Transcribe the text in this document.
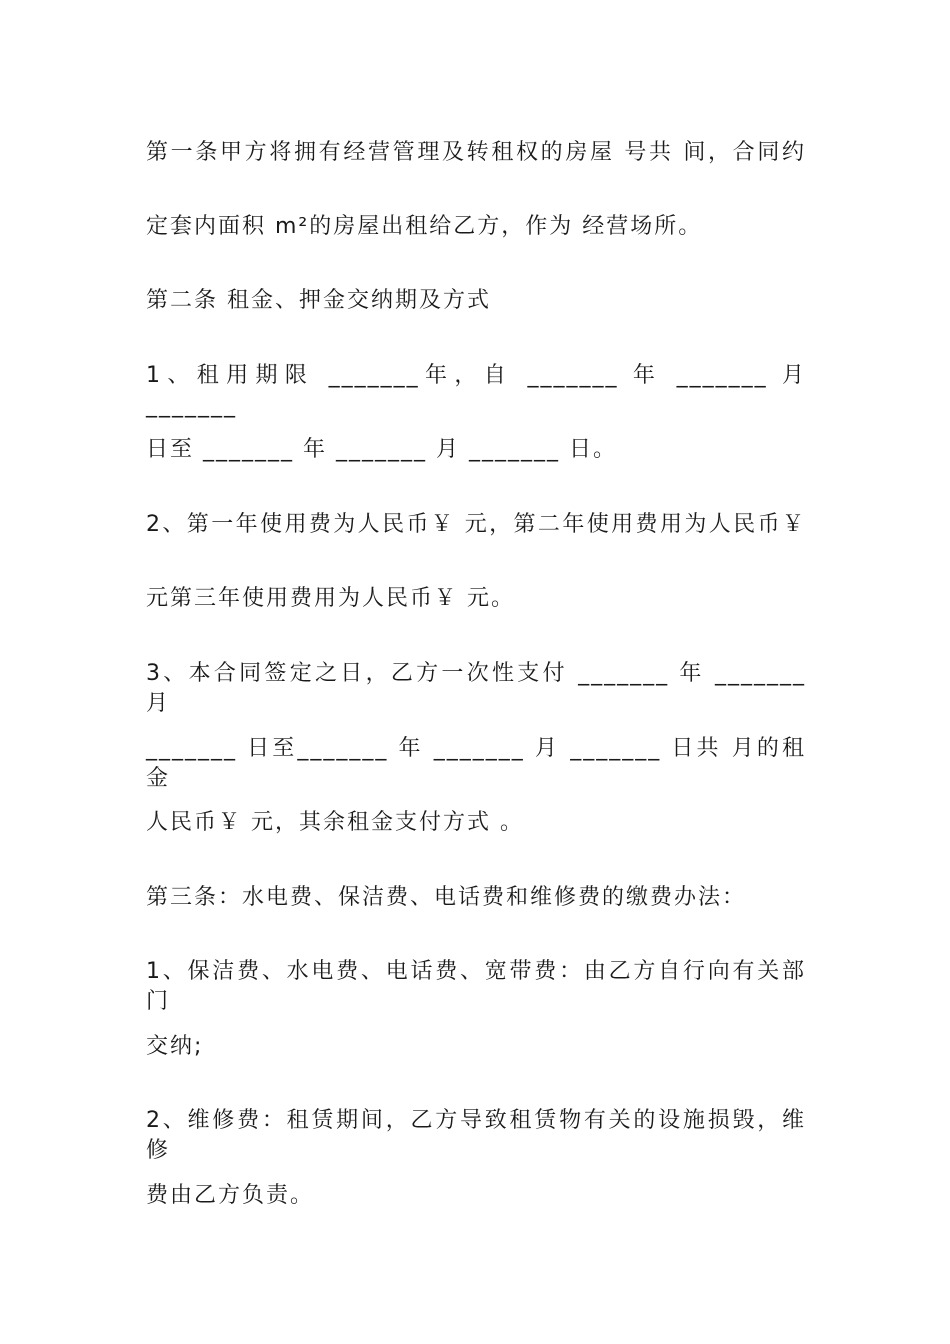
第一条甲方将拥有经营管理及转租权的房屋 号共 间，合同约
定套内面积 m²的房屋出租给乙方，作为 经营场所。
第二条 租金、押金交纳期及方式
1、租用期限 _______年，自 _______ 年 _______ 月 _______
日至 _______ 年 _______ 月 _______ 日。
2、第一年使用费为人民币￥ 元，第二年使用费用为人民币￥
元第三年使用费用为人民币￥ 元。
3、本合同签定之日，乙方一次性支付 _______ 年 _______ 月
_______ 日至_______ 年 _______ 月 _______ 日共 月的租金
人民币￥ 元，其余租金支付方式 。
第三条：水电费、保洁费、电话费和维修费的缴费办法：
1、保洁费、水电费、电话费、宽带费：由乙方自行向有关部门
交纳;
2、维修费：租赁期间，乙方导致租赁物有关的设施损毁，维修
费由乙方负责。
